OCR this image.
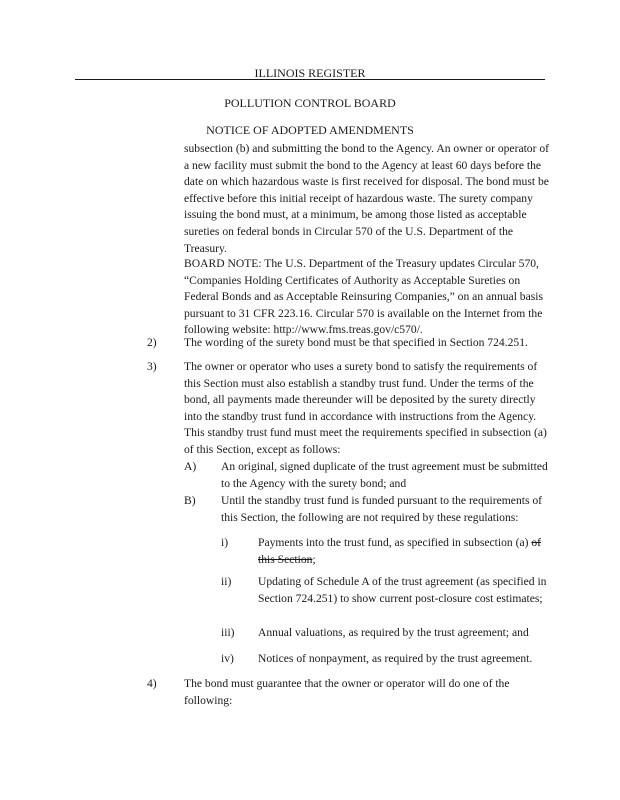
ILLINOIS REGISTER
POLLUTION CONTROL BOARD
NOTICE OF ADOPTED AMENDMENTS
subsection (b) and submitting the bond to the Agency. An owner or operator of a new facility must submit the bond to the Agency at least 60 days before the date on which hazardous waste is first received for disposal. The bond must be effective before this initial receipt of hazardous waste. The surety company issuing the bond must, at a minimum, be among those listed as acceptable sureties on federal bonds in Circular 570 of the U.S. Department of the Treasury.
BOARD NOTE: The U.S. Department of the Treasury updates Circular 570, “Companies Holding Certificates of Authority as Acceptable Sureties on Federal Bonds and as Acceptable Reinsuring Companies,” on an annual basis pursuant to 31 CFR 223.16. Circular 570 is available on the Internet from the following website: http://www.fms.treas.gov/c570/.
2) The wording of the surety bond must be that specified in Section 724.251.
3) The owner or operator who uses a surety bond to satisfy the requirements of this Section must also establish a standby trust fund. Under the terms of the bond, all payments made thereunder will be deposited by the surety directly into the standby trust fund in accordance with instructions from the Agency. This standby trust fund must meet the requirements specified in subsection (a) of this Section, except as follows:
A) An original, signed duplicate of the trust agreement must be submitted to the Agency with the surety bond; and
B) Until the standby trust fund is funded pursuant to the requirements of this Section, the following are not required by these regulations:
i)	Payments into the trust fund, as specified in subsection (a) of this Section;
ii) Updating of Schedule A of the trust agreement (as specified in Section 724.251) to show current post-closure cost estimates;
iii) Annual valuations, as required by the trust agreement; and
iv) Notices of nonpayment, as required by the trust agreement.
4) The bond must guarantee that the owner or operator will do one of the following:
